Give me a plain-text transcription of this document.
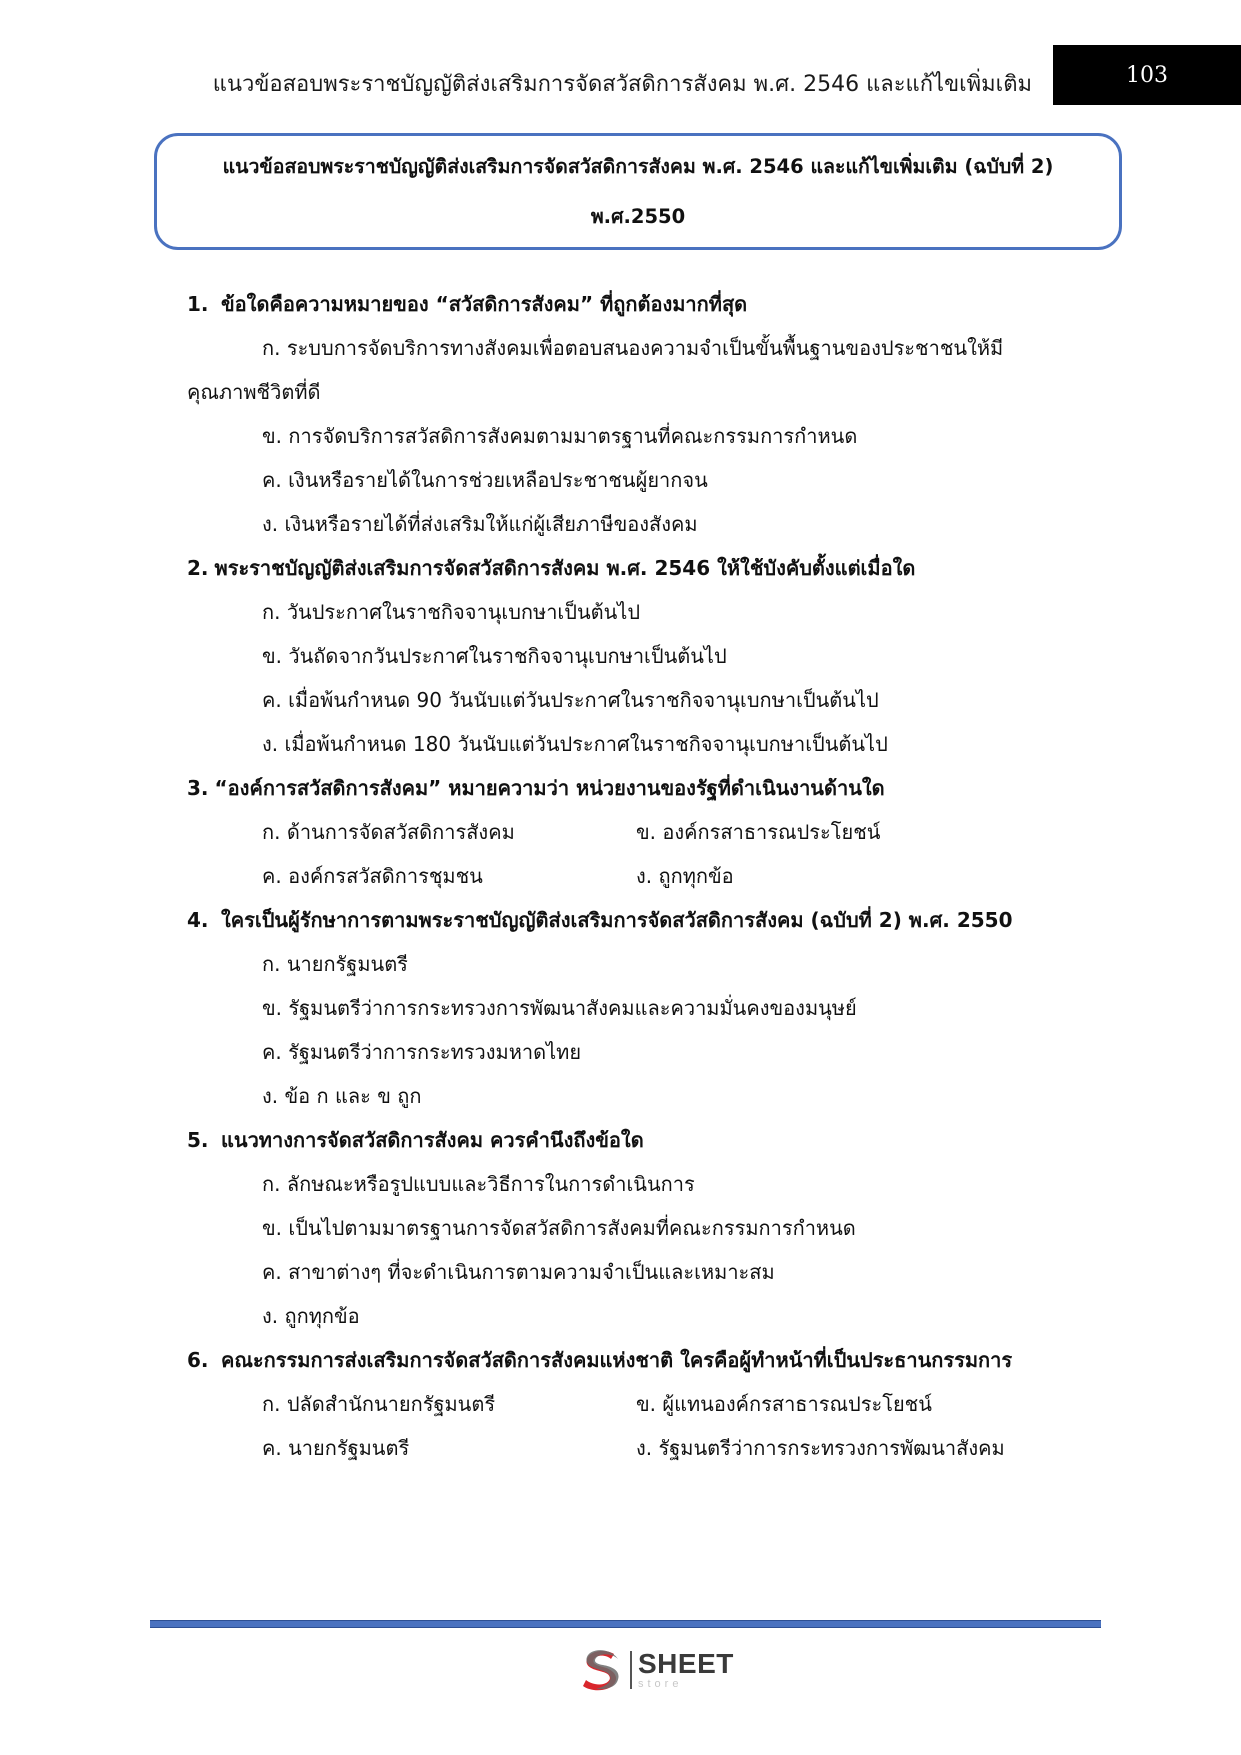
แนวข้อสอบพระราชบัญญัติส่งเสริมการจัดสวัสดิการสังคม พ.ศ. 2546 และแก้ไขเพิ่มเติม	103
แนวข้อสอบพระราชบัญญัติส่งเสริมการจัดสวัสดิการสังคม พ.ศ. 2546 และแก้ไขเพิ่มเติม (ฉบับที่ 2)
พ.ศ.2550
1. ข้อใดคือความหมายของ “สวัสดิการสังคม” ที่ถูกต้องมากที่สุด
ก. ระบบการจัดบริการทางสังคมเพื่อตอบสนองความจำเป็นขั้นพื้นฐานของประชาชนให้มี
คุณภาพชีวิตที่ดี
ข. การจัดบริการสวัสดิการสังคมตามมาตรฐานที่คณะกรรมการกำหนด
ค. เงินหรือรายได้ในการช่วยเหลือประชาชนผู้ยากจน
ง. เงินหรือรายได้ที่ส่งเสริมให้แก่ผู้เสียภาษีของสังคม
2. พระราชบัญญัติส่งเสริมการจัดสวัสดิการสังคม พ.ศ. 2546 ให้ใช้บังคับตั้งแต่เมื่อใด
ก. วันประกาศในราชกิจจานุเบกษาเป็นต้นไป
ข. วันถัดจากวันประกาศในราชกิจจานุเบกษาเป็นต้นไป
ค. เมื่อพ้นกำหนด 90 วันนับแต่วันประกาศในราชกิจจานุเบกษาเป็นต้นไป
ง. เมื่อพ้นกำหนด 180 วันนับแต่วันประกาศในราชกิจจานุเบกษาเป็นต้นไป
3. “องค์การสวัสดิการสังคม” หมายความว่า หน่วยงานของรัฐที่ดำเนินงานด้านใด
ก. ด้านการจัดสวัสดิการสังคม	ข. องค์กรสาธารณประโยชน์
ค. องค์กรสวัสดิการชุมชน	ง. ถูกทุกข้อ
4. ใครเป็นผู้รักษาการตามพระราชบัญญัติส่งเสริมการจัดสวัสดิการสังคม (ฉบับที่ 2) พ.ศ. 2550
ก. นายกรัฐมนตรี
ข. รัฐมนตรีว่าการกระทรวงการพัฒนาสังคมและความมั่นคงของมนุษย์
ค. รัฐมนตรีว่าการกระทรวงมหาดไทย
ง. ข้อ ก และ ข ถูก
5. แนวทางการจัดสวัสดิการสังคม ควรคำนึงถึงข้อใด
ก. ลักษณะหรือรูปแบบและวิธีการในการดำเนินการ
ข. เป็นไปตามมาตรฐานการจัดสวัสดิการสังคมที่คณะกรรมการกำหนด
ค. สาขาต่างๆ ที่จะดำเนินการตามความจำเป็นและเหมาะสม
ง. ถูกทุกข้อ
6. คณะกรรมการส่งเสริมการจัดสวัสดิการสังคมแห่งชาติ ใครคือผู้ทำหน้าที่เป็นประธานกรรมการ
ก. ปลัดสำนักนายกรัฐมนตรี	ข. ผู้แทนองค์กรสาธารณประโยชน์
ค. นายกรัฐมนตรี	ง. รัฐมนตรีว่าการกระทรวงการพัฒนาสังคม
SHEET
store
